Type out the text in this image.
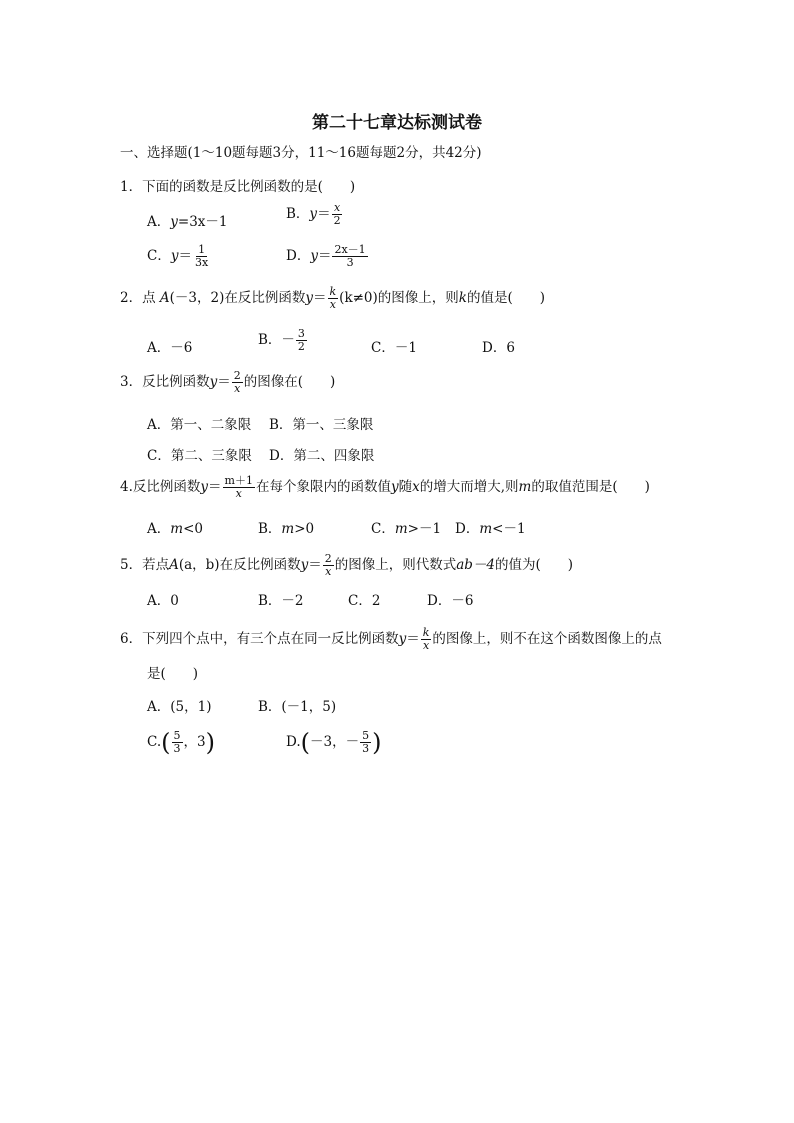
第二十七章达标测试卷
一、选择题(1～10题每题3分，11～16题每题2分，共42分)
1．下面的函数是反比例函数的是(　　)
A．y=3x－1	B．$y= \frac{x}{2}$
C．$y= \frac{1}{3x}$	D．$y= \frac{2x-1}{3}$
2．点 A(－3，2)在反比例函数$y= \frac{k}{x} (k\ne 0)$的图像上，则k的值是(　　)
A．－6	B．－ $\frac{3}{2}$	C．－1	D．6
3．反比例函数$y= \frac{2}{x}$ 的图像在(　　)
A．第一、二象限 B．第一、三象限
C．第二、三象限 D．第二、四象限
4.反比例函数$y= \frac{m+1}{x}$ 在每个象限内的函数值y随x的增大而增大,则m的取值范围是(　　)
A．m<0	B．m>0	C．m>－1 D．m<－1
5．若点A(a，b)在反比例函数$y= \frac{2}{x}$ 的图像上，则代数式ab－4的值为(　　)
A．0	B．－2	C．2	D．－6
6．下列四个点中，有三个点在同一反比例函数$y= \frac{k}{x}$ 的图像上，则不在这个函数图像上的点
是(　　)
A．(5，1)	B．(－1，5)
$C.( \frac{5}{3}$ ，3)	D.(－3，－ $\frac{5}{3}$ )
